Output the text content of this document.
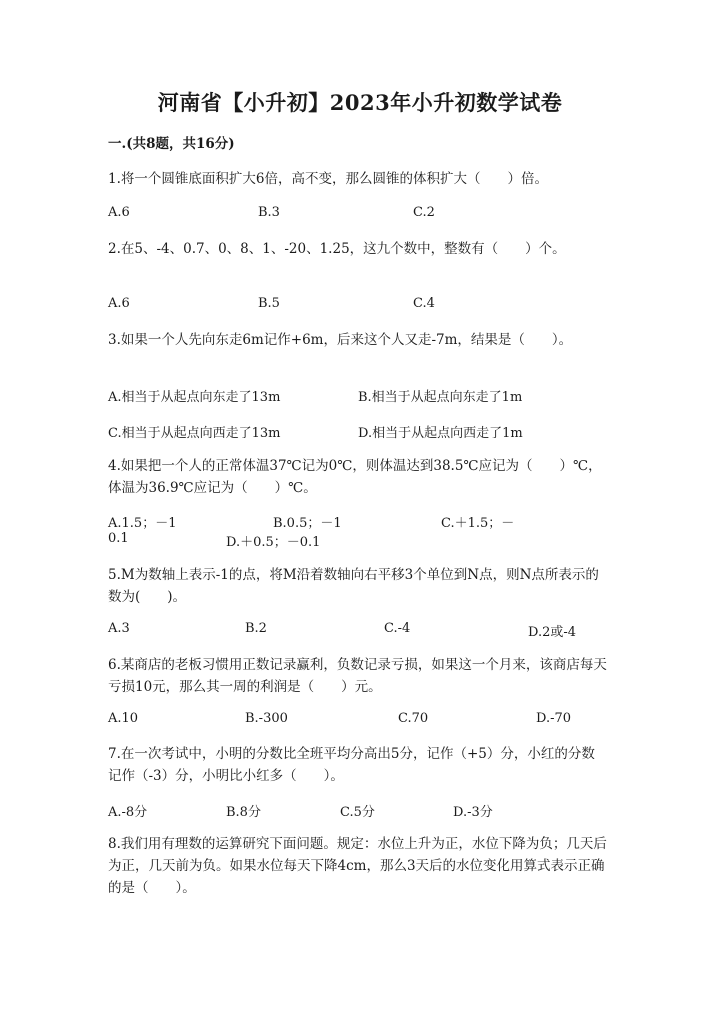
河南省【小升初】2023年小升初数学试卷
一.(共8题，共16分)
1.将一个圆锥底面积扩大6倍，高不变，那么圆锥的体积扩大（　　）倍。
A.6	B.3	C.2
2.在5、-4、0.7、0、8、1、-20、1.25，这九个数中，整数有（　　）个。
A.6	B.5	C.4
3.如果一个人先向东走6m记作+6m，后来这个人又走-7m，结果是（　　）。
A.相当于从起点向东走了13m	B.相当于从起点向东走了1m
C.相当于从起点向西走了13m	D.相当于从起点向西走了1m
4.如果把一个人的正常体温37℃记为0℃，则体温达到38.5℃应记为（　　）℃，体温为36.9℃应记为（　　）℃。
A.1.5；－1	B.0.5；－1	C.＋1.5；－
0.1	D.＋0.5；－0.1
5.M为数轴上表示-1的点，将M沿着数轴向右平移3个单位到N点，则N点所表示的数为(　　)。
A.3	B.2	C.-4	D.2或-4
6.某商店的老板习惯用正数记录赢利，负数记录亏损，如果这一个月来，该商店每天亏损10元，那么其一周的利润是（　　）元。
A.10	B.-300	C.70	D.-70
7.在一次考试中，小明的分数比全班平均分高出5分，记作（+5）分，小红的分数记作（-3）分，小明比小红多（　　）。
A.-8分	B.8分	C.5分	D.-3分
8.我们用有理数的运算研究下面问题。规定：水位上升为正，水位下降为负；几天后为正，几天前为负。如果水位每天下降4cm，那么3天后的水位变化用算式表示正确的是（　　）。
